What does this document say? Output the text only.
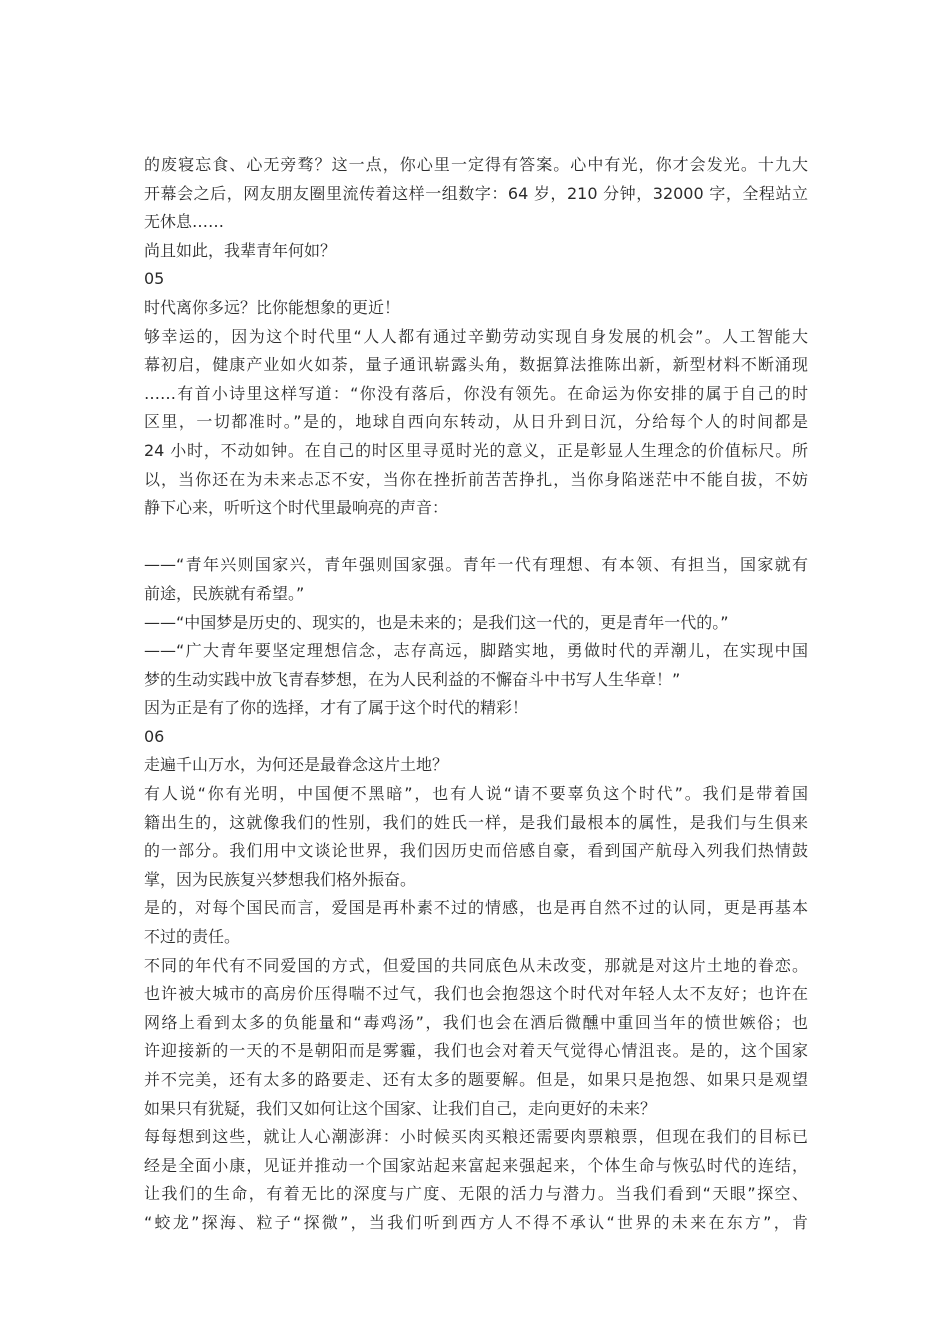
的废寝忘食、心无旁骛？这一点，你心里一定得有答案。心中有光，你才会发光。十九大

开幕会之后，网友朋友圈里流传着这样一组数字：64 岁，210 分钟，32000 字，全程站立

无休息……

尚且如此，我辈青年何如？

05

时代离你多远？比你能想象的更近！

够幸运的，因为这个时代里“人人都有通过辛勤劳动实现自身发展的机会”。人工智能大

幕初启，健康产业如火如荼，量子通讯崭露头角，数据算法推陈出新，新型材料不断涌现

……有首小诗里这样写道：“你没有落后，你没有领先。在命运为你安排的属于自己的时

区里，一切都准时。”是的，地球自西向东转动，从日升到日沉，分给每个人的时间都是

24 小时，不动如钟。在自己的时区里寻觅时光的意义，正是彰显人生理念的价值标尺。所

以，当你还在为未来忐忑不安，当你在挫折前苦苦挣扎，当你身陷迷茫中不能自拔，不妨

静下心来，听听这个时代里最响亮的声音：

——“青年兴则国家兴，青年强则国家强。青年一代有理想、有本领、有担当，国家就有

前途，民族就有希望。”

——“中国梦是历史的、现实的，也是未来的；是我们这一代的，更是青年一代的。”

——“广大青年要坚定理想信念，志存高远，脚踏实地，勇做时代的弄潮儿，在实现中国

梦的生动实践中放飞青春梦想，在为人民利益的不懈奋斗中书写人生华章！”

因为正是有了你的选择，才有了属于这个时代的精彩！

06

走遍千山万水，为何还是最眷念这片土地？

有人说“你有光明，中国便不黑暗”，也有人说“请不要辜负这个时代”。我们是带着国

籍出生的，这就像我们的性别，我们的姓氏一样，是我们最根本的属性，是我们与生俱来

的一部分。我们用中文谈论世界，我们因历史而倍感自豪，看到国产航母入列我们热情鼓

掌，因为民族复兴梦想我们格外振奋。

是的，对每个国民而言，爱国是再朴素不过的情感，也是再自然不过的认同，更是再基本

不过的责任。

不同的年代有不同爱国的方式，但爱国的共同底色从未改变，那就是对这片土地的眷恋。

也许被大城市的高房价压得喘不过气，我们也会抱怨这个时代对年轻人太不友好；也许在

网络上看到太多的负能量和“毒鸡汤”，我们也会在酒后微醺中重回当年的愤世嫉俗；也

许迎接新的一天的不是朝阳而是雾霾，我们也会对着天气觉得心情沮丧。是的，这个国家

并不完美，还有太多的路要走、还有太多的题要解。但是，如果只是抱怨、如果只是观望

如果只有犹疑，我们又如何让这个国家、让我们自己，走向更好的未来？

每每想到这些，就让人心潮澎湃：小时候买肉买粮还需要肉票粮票，但现在我们的目标已

经是全面小康，见证并推动一个国家站起来富起来强起来，个体生命与恢弘时代的连结，

让我们的生命，有着无比的深度与广度、无限的活力与潜力。当我们看到“天眼”探空、

“蛟龙”探海、粒子“探微”，当我们听到西方人不得不承认“世界的未来在东方”，肯
